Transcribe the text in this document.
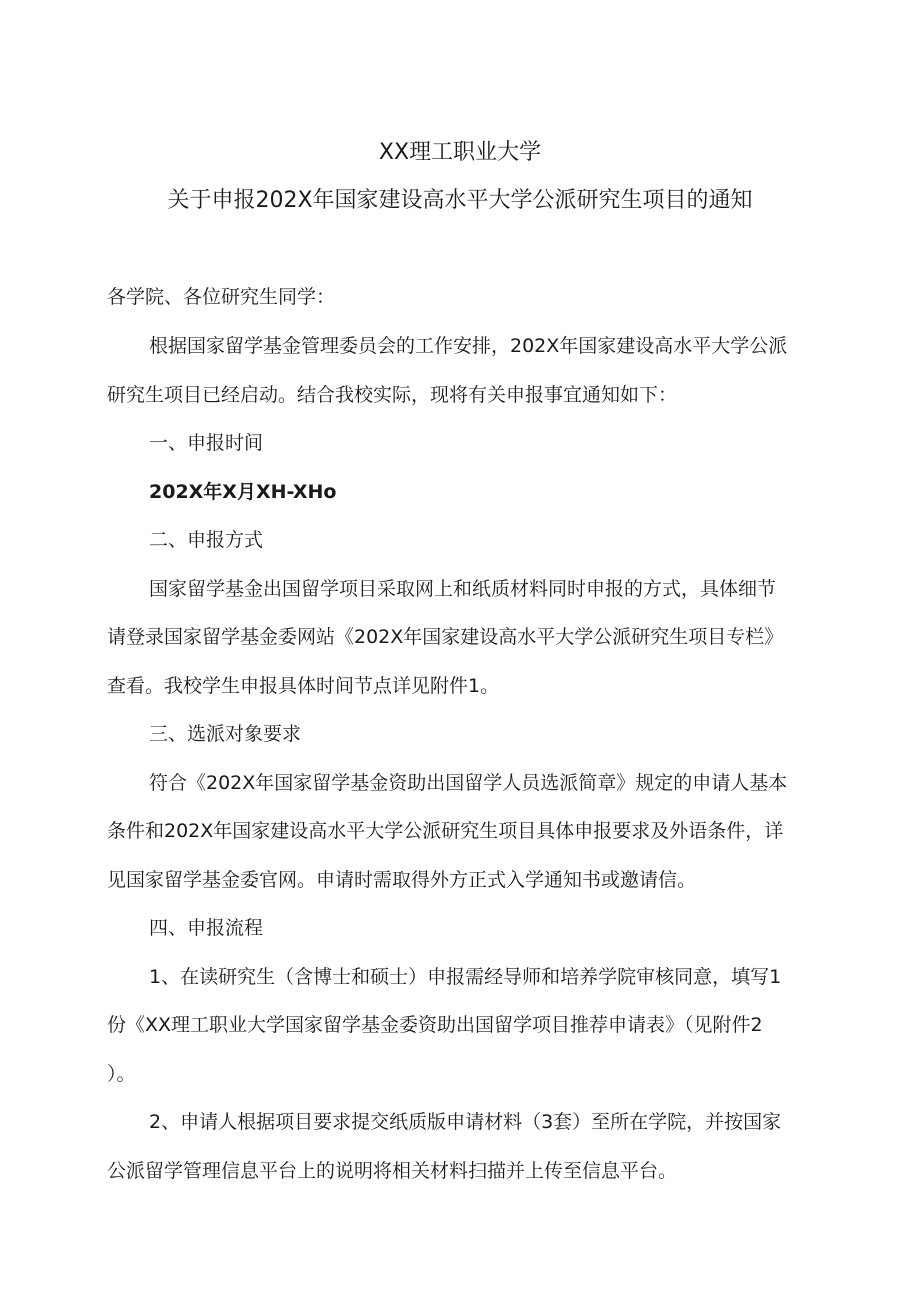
XX理工职业大学
关于申报202X年国家建设高水平大学公派研究生项目的通知
各学院、各位研究生同学：
根据国家留学基金管理委员会的工作安排，202X年国家建设高水平大学公派
研究生项目已经启动。结合我校实际，现将有关申报事宜通知如下：
一、申报时间
202X年X月XH-XHo
二、申报方式
国家留学基金出国留学项目采取网上和纸质材料同时申报的方式，具体细节
请登录国家留学基金委网站《202X年国家建设高水平大学公派研究生项目专栏》
查看。我校学生申报具体时间节点详见附件1。
三、选派对象要求
符合《202X年国家留学基金资助出国留学人员选派简章》规定的申请人基本
条件和202X年国家建设高水平大学公派研究生项目具体申报要求及外语条件，详
见国家留学基金委官网。申请时需取得外方正式入学通知书或邀请信。
四、申报流程
1、在读研究生（含博士和硕士）申报需经导师和培养学院审核同意，填写1
份《XX理工职业大学国家留学基金委资助出国留学项目推荐申请表》（见附件2
）。
2、申请人根据项目要求提交纸质版申请材料（3套）至所在学院，并按国家
公派留学管理信息平台上的说明将相关材料扫描并上传至信息平台。
